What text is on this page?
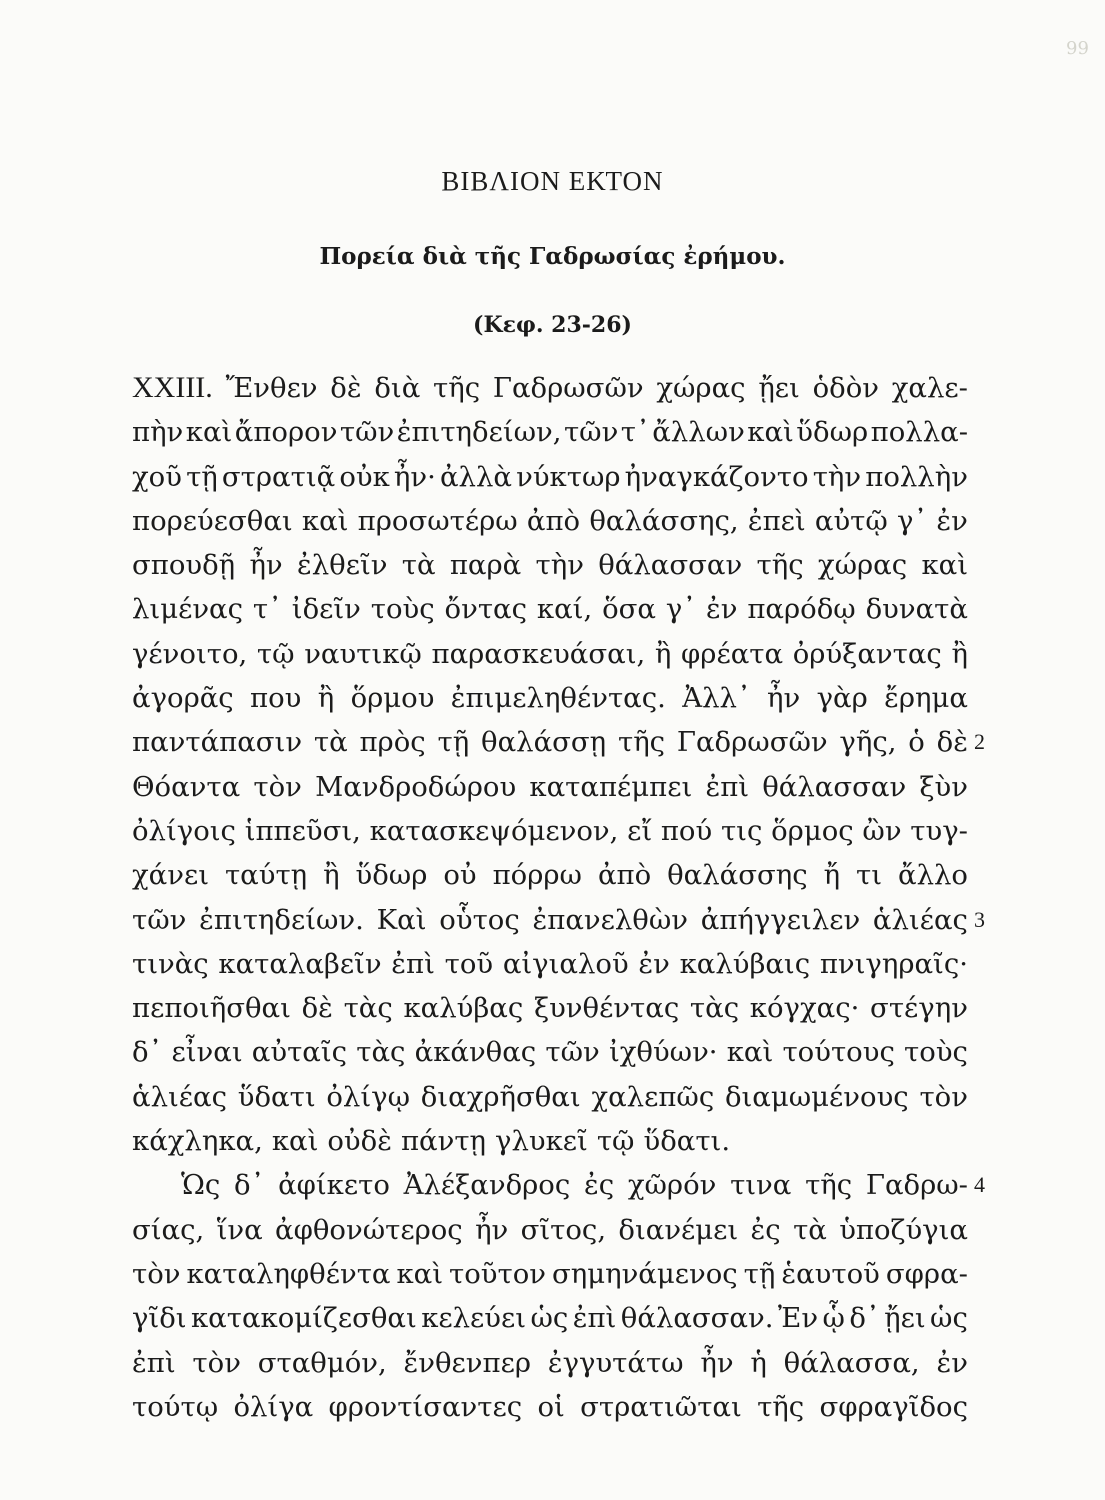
99
ΒΙΒΛΙΟΝ ΕΚΤΟΝ
Πορεία διὰ τῆς Γαδρωσίας ἐρήμου.
(Κεφ. 23-26)
XXIII. Ἔνθεν δὲ διὰ τῆς Γαδρωσῶν χώρας ᾔει ὁδὸν χαλε-
πὴν καὶ ἄπορον τῶν ἐπιτηδείων, τῶν τ᾽ ἄλλων καὶ ὕδωρ πολλα-
χοῦ τῇ στρατιᾷ οὐκ ἦν· ἀλλὰ νύκτωρ ἠναγκάζοντο τὴν πολλὴν
πορεύεσθαι καὶ προσωτέρω ἀπὸ θαλάσσης, ἐπεὶ αὐτῷ γ᾽ ἐν
σπουδῇ ἦν ἐλθεῖν τὰ παρὰ τὴν θάλασσαν τῆς χώρας καὶ
λιμένας τ᾽ ἰδεῖν τοὺς ὄντας καί, ὅσα γ᾽ ἐν παρόδῳ δυνατὰ
γένοιτο, τῷ ναυτικῷ παρασκευάσαι, ἢ φρέατα ὀρύξαντας ἢ
ἀγορᾶς που ἢ ὅρμου ἐπιμεληθέντας. Ἀλλ᾽ ἦν γὰρ ἔρημα
παντάπασιν τὰ πρὸς τῇ θαλάσσῃ τῆς Γαδρωσῶν γῆς, ὁ δὲ
Θόαντα τὸν Μανδροδώρου καταπέμπει ἐπὶ θάλασσαν ξὺν
ὀλίγοις ἱππεῦσι, κατασκεψόμενον, εἴ πού τις ὅρμος ὢν τυγ-
χάνει ταύτῃ ἢ ὕδωρ οὐ πόρρω ἀπὸ θαλάσσης ἤ τι ἄλλο
τῶν ἐπιτηδείων. Καὶ οὗτος ἐπανελθὼν ἀπήγγειλεν ἁλιέας
τινὰς καταλαβεῖν ἐπὶ τοῦ αἰγιαλοῦ ἐν καλύβαις πνιγηραῖς·
πεποιῆσθαι δὲ τὰς καλύβας ξυνθέντας τὰς κόγχας· στέγην
δ᾽ εἶναι αὐταῖς τὰς ἀκάνθας τῶν ἰχθύων· καὶ τούτους τοὺς
ἁλιέας ὕδατι ὀλίγῳ διαχρῆσθαι χαλεπῶς διαμωμένους τὸν
κάχληκα, καὶ οὐδὲ πάντῃ γλυκεῖ τῷ ὕδατι.
Ὡς δ᾽ ἀφίκετο Ἀλέξανδρος ἐς χῶρόν τινα τῆς Γαδρω-
σίας, ἵνα ἀφθονώτερος ἦν σῖτος, διανέμει ἐς τὰ ὑποζύγια
τὸν καταληφθέντα καὶ τοῦτον σημηνάμενος τῇ ἑαυτοῦ σφρα-
γῖδι κατακομίζεσθαι κελεύει ὡς ἐπὶ θάλασσαν. Ἐν ᾧ δ᾽ ᾔει ὡς
ἐπὶ τὸν σταθμόν, ἔνθενπερ ἐγγυτάτω ἦν ἡ θάλασσα, ἐν
τούτῳ ὀλίγα φροντίσαντες οἱ στρατιῶται τῆς σφραγῖδος
2
3
4
